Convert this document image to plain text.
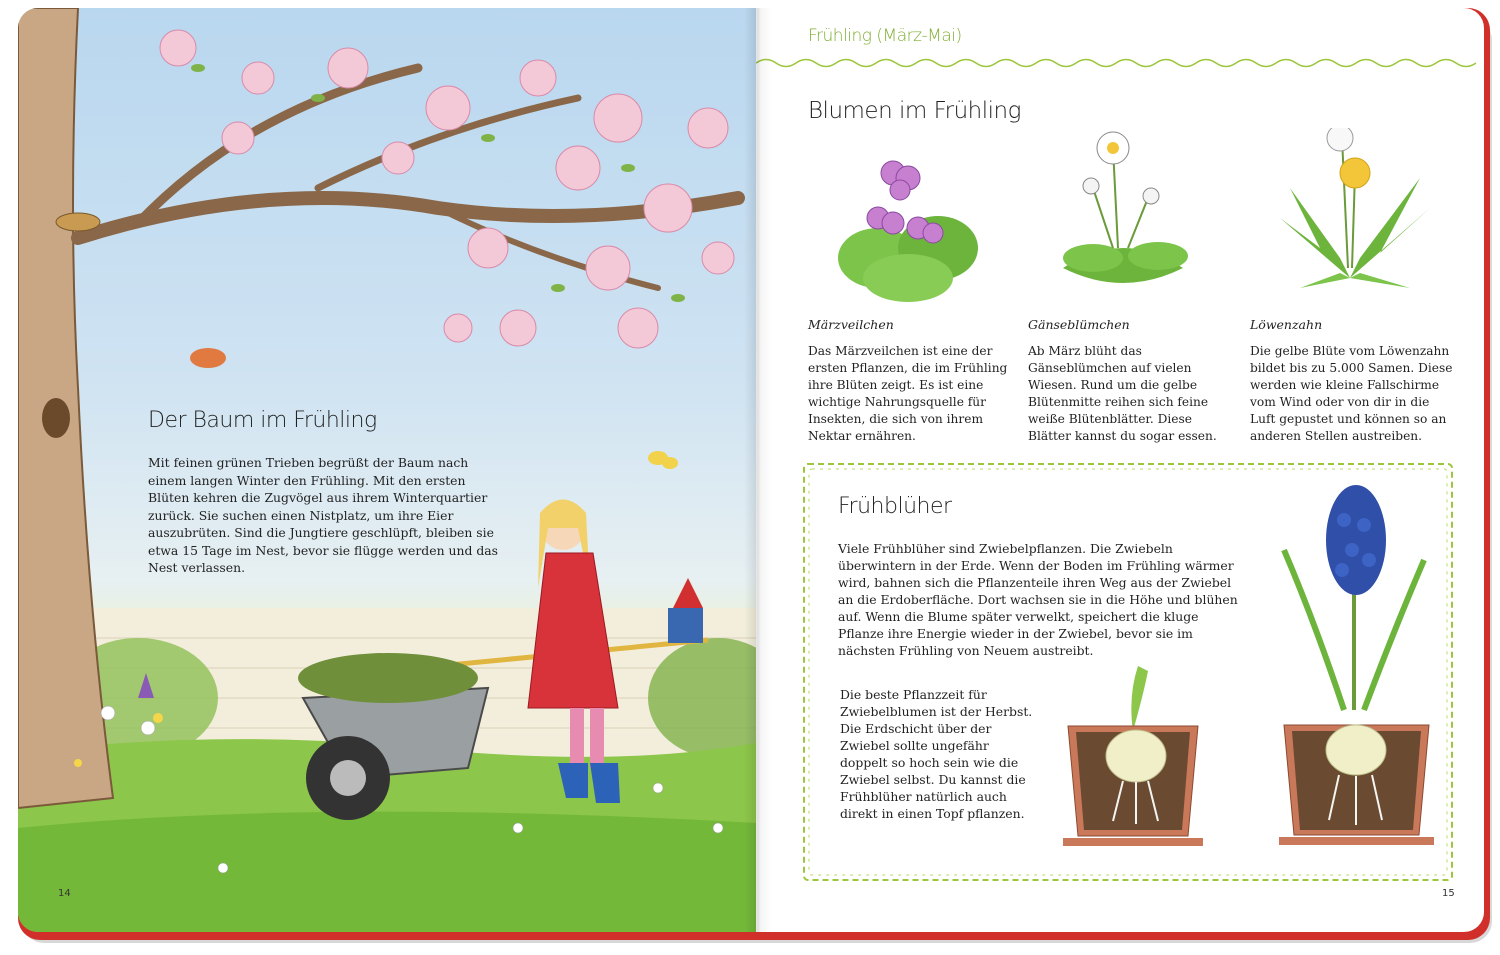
Der Baum im Frühling
Mit feinen grünen Trieben begrüßt der Baum nach einem langen Winter den Frühling. Mit den ersten Blüten kehren die Zugvögel aus ihrem Winterquartier zurück. Sie suchen einen Nistplatz, um ihre Eier auszubrüten. Sind die Jungtiere geschlüpft, bleiben sie etwa 15 Tage im Nest, bevor sie flügge werden und das Nest verlassen.
14
Frühling (März-Mai)
Blumen im Frühling
Märzveilchen
Das Märzveilchen ist eine der ersten Pflanzen, die im Frühling ihre Blüten zeigt. Es ist eine wichtige Nahrungsquelle für Insekten, die sich von ihrem Nektar ernähren.
Gänseblümchen
Ab März blüht das Gänseblümchen auf vielen Wiesen. Rund um die gelbe Blütenmitte reihen sich feine weiße Blütenblätter. Diese Blätter kannst du sogar essen.
Löwenzahn
Die gelbe Blüte vom Löwenzahn bildet bis zu 5.000 Samen. Diese werden wie kleine Fallschirme vom Wind oder von dir in die Luft gepustet und können so an anderen Stellen austreiben.
Frühblüher
Viele Frühblüher sind Zwiebelpflanzen. Die Zwiebeln überwintern in der Erde. Wenn der Boden im Frühling wärmer wird, bahnen sich die Pflanzenteile ihren Weg aus der Zwiebel an die Erdoberfläche. Dort wachsen sie in die Höhe und blühen auf. Wenn die Blume später verwelkt, speichert die kluge Pflanze ihre Energie wieder in der Zwiebel, bevor sie im nächsten Frühling von Neuem austreibt.
Die beste Pflanzzeit für Zwiebelblumen ist der Herbst. Die Erdschicht über der Zwiebel sollte ungefähr doppelt so hoch sein wie die Zwiebel selbst. Du kannst die Frühblüher natürlich auch direkt in einen Topf pflanzen.
15
